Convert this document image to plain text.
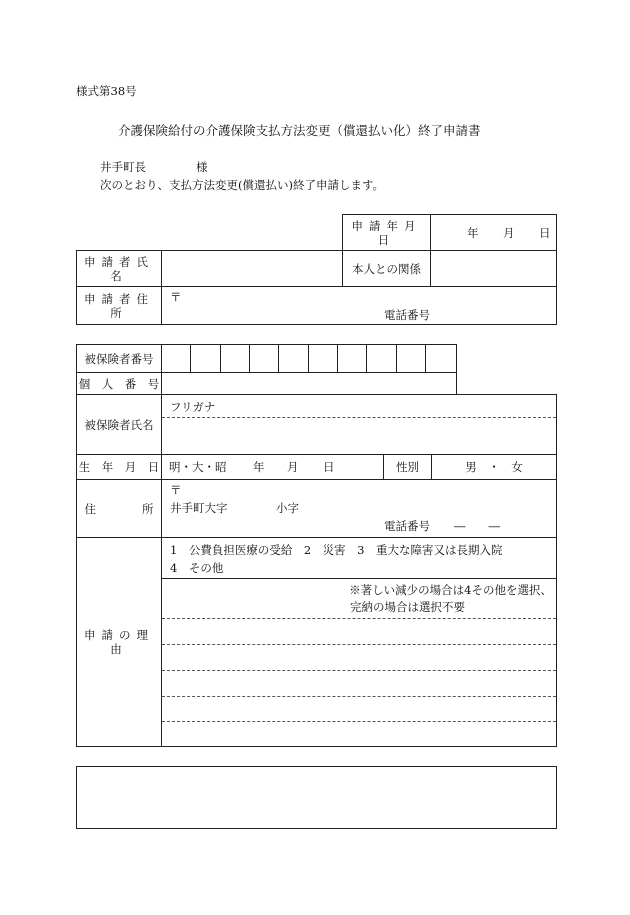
様式第38号
介護保険給付の介護保険支払方法変更（償還払い化）終了申請書
井手町長	様
次のとおり、支払方法変更(償還払い)終了申請します。
申請年月日	年 月 日
申請者氏名		本人との関係	
申請者住所	〒
電話番号		
被保険者番号										
個　人　番　号										
被保険者氏名	フリガナ		

生　年　月　日	明・大・昭 年 月 日	性別	男　・　女
住　　　　所	〒
井手町大字 小字
電話番号 ―　　―		

申請の理由	1　公費負担医療の受給　2　災害　3　重大な障害又は長期入院
4　その他
※著しい減少の場合は4その他を選択、
完納の場合は選択不要		
